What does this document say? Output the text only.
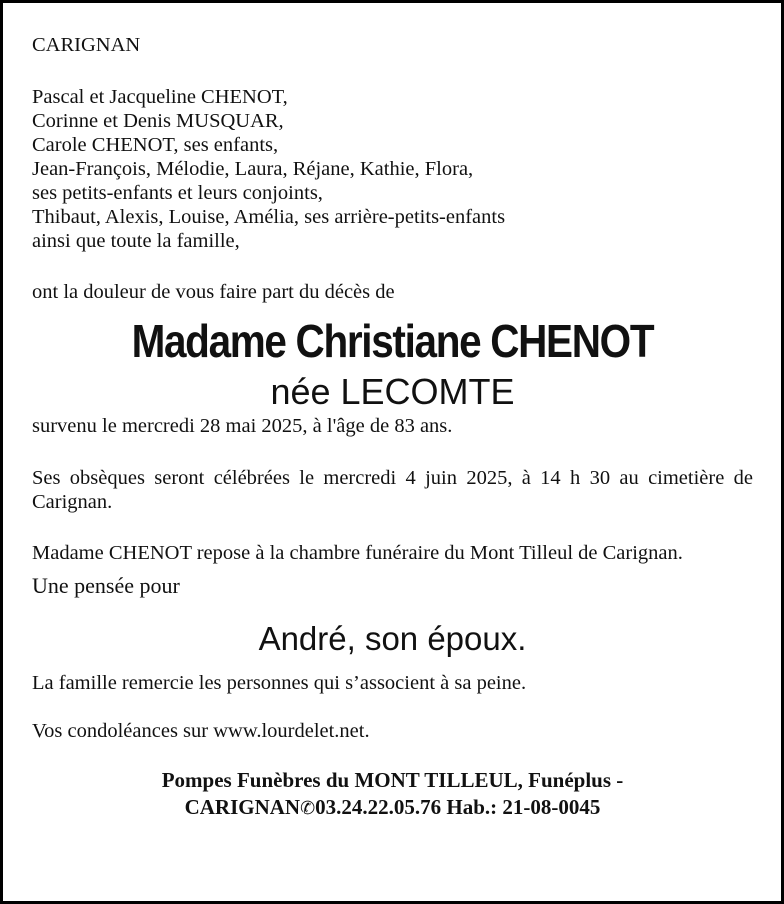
CARIGNAN

Pascal et Jacqueline CHENOT,

Corinne et Denis MUSQUAR,

Carole CHENOT, ses enfants,

Jean-François, Mélodie, Laura, Réjane, Kathie, Flora,

ses petits-enfants et leurs conjoints,

Thibaut, Alexis, Louise, Amélia, ses arrière-petits-enfants

ainsi que toute la famille,

ont la douleur de vous faire part du décès de

Madame Christiane CHENOT

née LECOMTE

survenu le mercredi 28 mai 2025, à l'âge de 83 ans.

Ses obsèques seront célébrées le mercredi 4 juin 2025, à 14 h 30 au cimetière de Carignan.

Madame CHENOT repose à la chambre funéraire du Mont Tilleul de Carignan.

Une pensée pour

André, son époux.

La famille remercie les personnes qui s’associent à sa peine.

Vos condoléances sur www.lourdelet.net.

Pompes Funèbres du MONT TILLEUL, Funéplus -

CARIGNAN✆03.24.22.05.76 Hab.: 21-08-0045
